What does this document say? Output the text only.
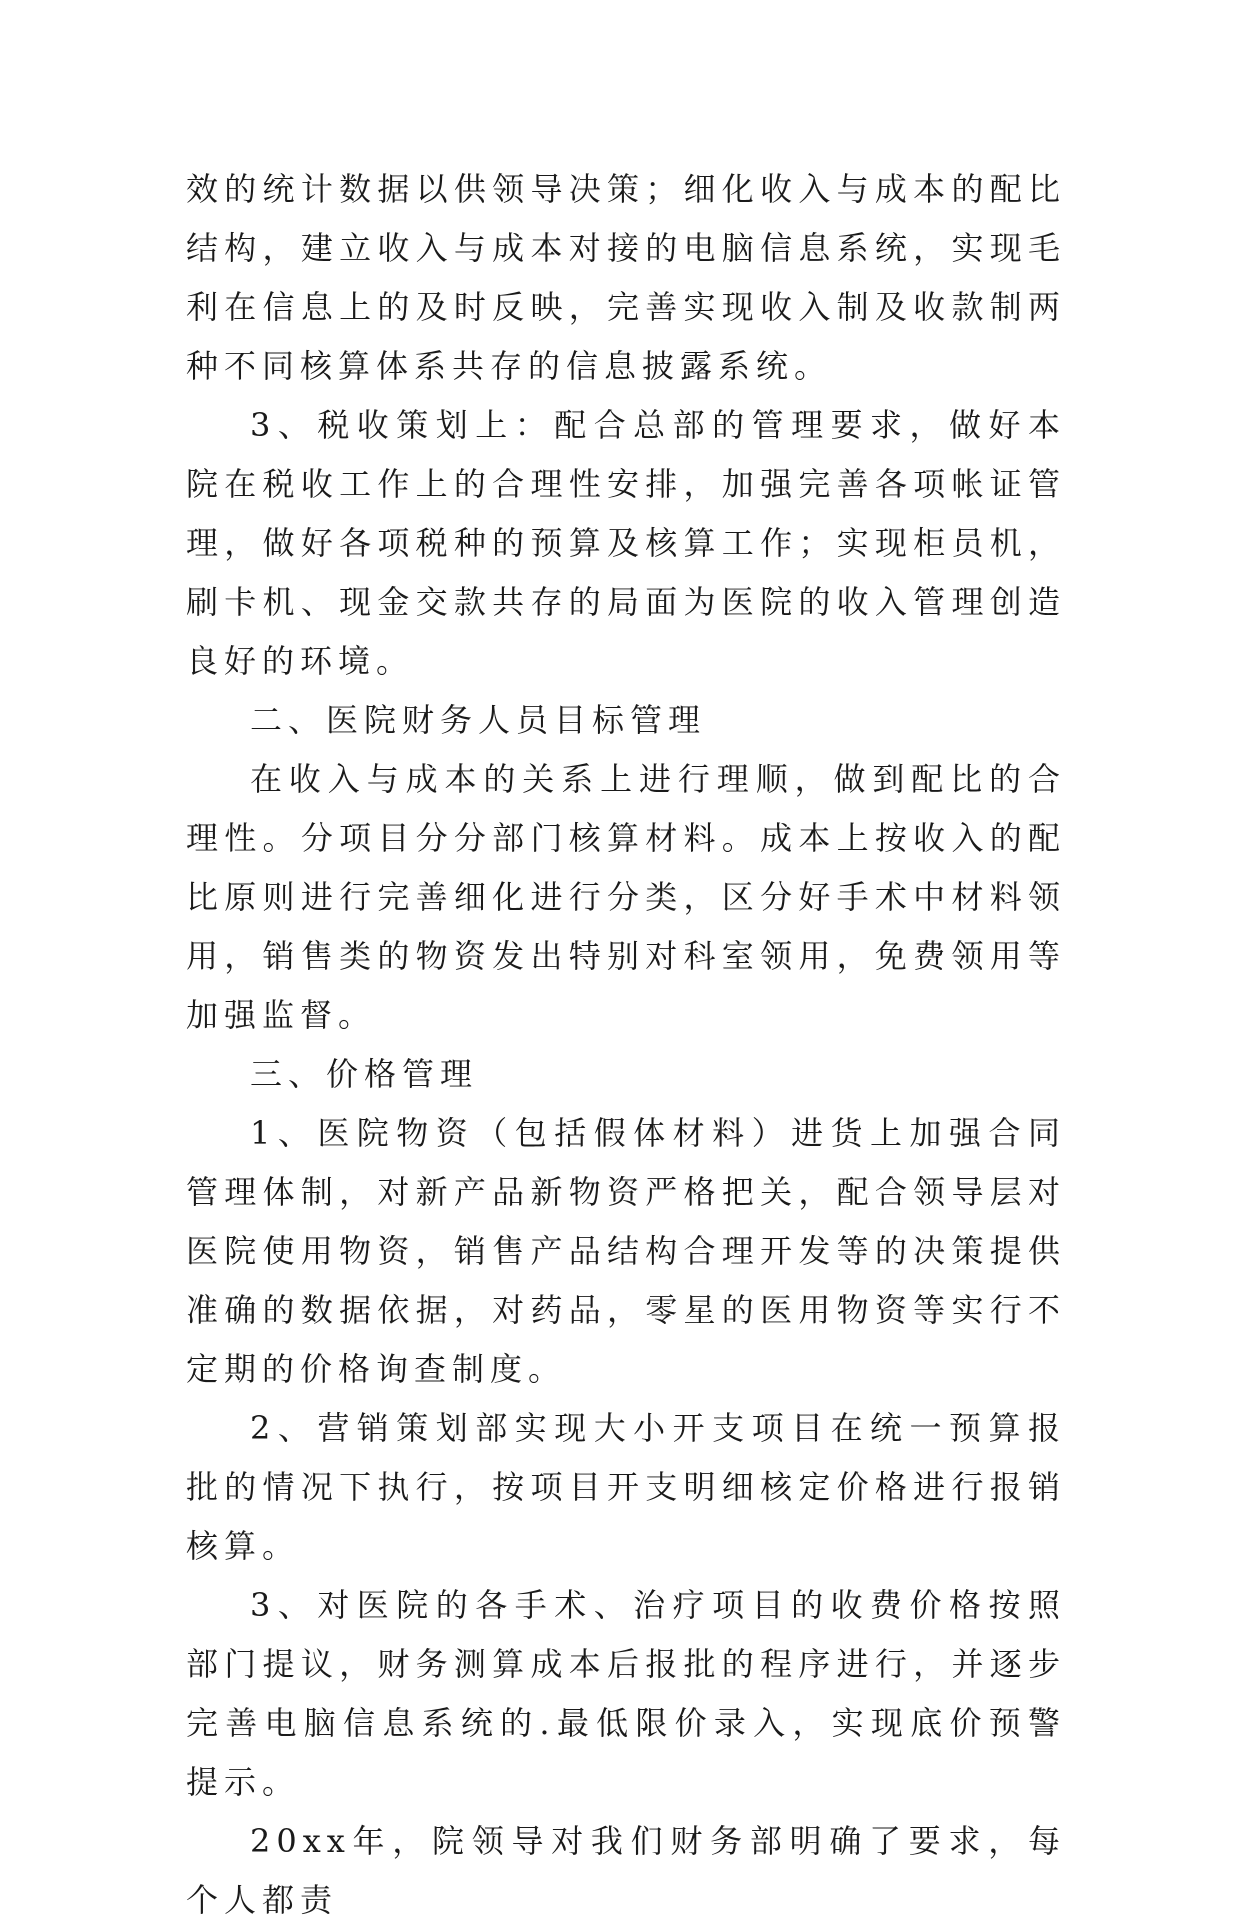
效的统计数据以供领导决策；细化收入与成本的配比结构，建立收入与成本对接的电脑信息系统，实现毛利在信息上的及时反映，完善实现收入制及收款制两种不同核算体系共存的信息披露系统。

3、税收策划上：配合总部的管理要求，做好本院在税收工作上的合理性安排，加强完善各项帐证管理，做好各项税种的预算及核算工作；实现柜员机，刷卡机、现金交款共存的局面为医院的收入管理创造良好的环境。

二、医院财务人员目标管理

在收入与成本的关系上进行理顺，做到配比的合理性。分项目分分部门核算材料。成本上按收入的配比原则进行完善细化进行分类，区分好手术中材料领用，销售类的物资发出特别对科室领用，免费领用等加强监督。

三、价格管理

1、医院物资（包括假体材料）进货上加强合同管理体制，对新产品新物资严格把关，配合领导层对医院使用物资，销售产品结构合理开发等的决策提供准确的数据依据，对药品，零星的医用物资等实行不定期的价格询查制度。

2、营销策划部实现大小开支项目在统一预算报批的情况下执行，按项目开支明细核定价格进行报销核算。

3、对医院的各手术、治疗项目的收费价格按照部门提议，财务测算成本后报批的程序进行，并逐步完善电脑信息系统的.最低限价录入，实现底价预警提示。

20xx年，院领导对我们财务部明确了要求，每个人都责
